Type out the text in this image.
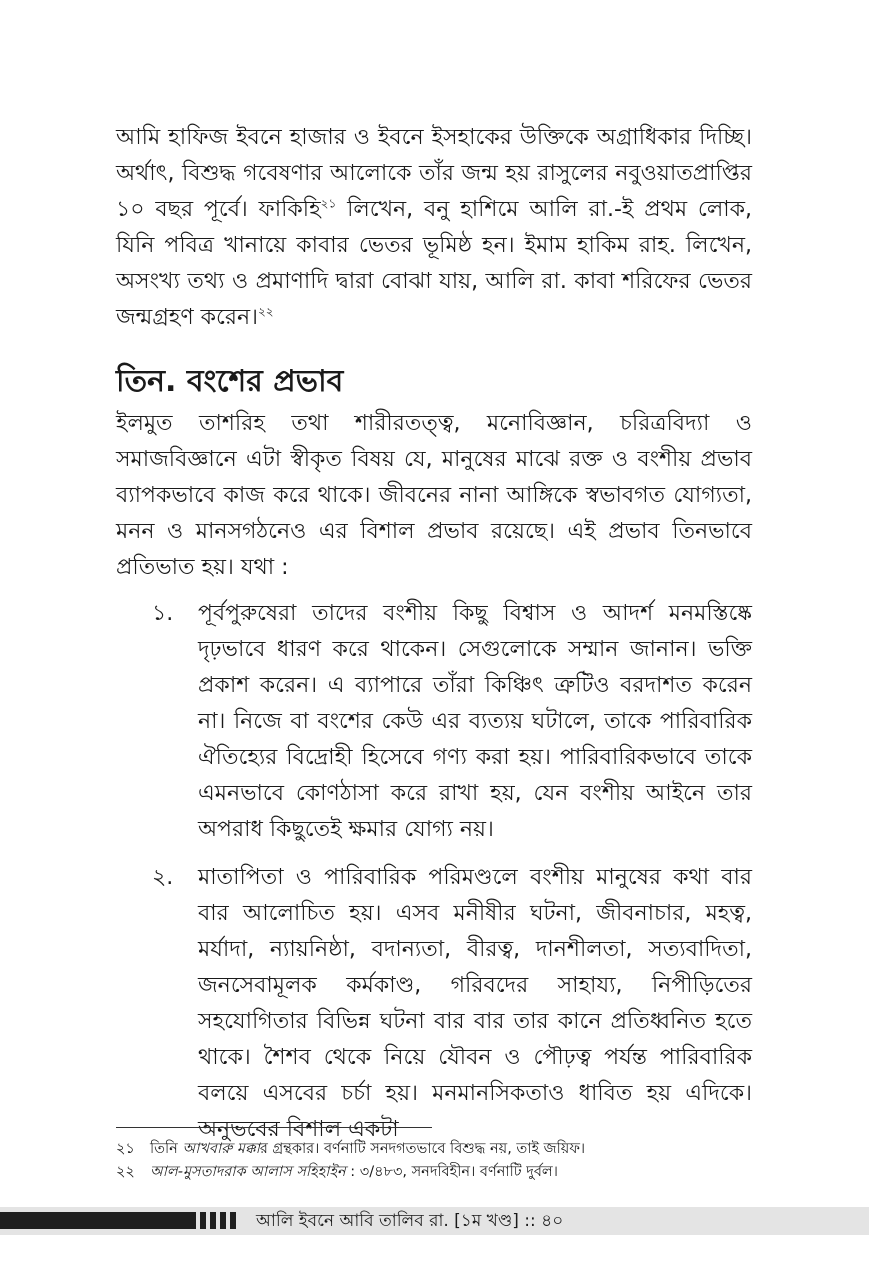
আমি হাফিজ ইবনে হাজার ও ইবনে ইসহাকের উক্তিকে অগ্রাধিকার দিচ্ছি। অর্থাৎ, বিশুদ্ধ গবেষণার আলোকে তাঁর জন্ম হয় রাসুলের নবুওয়াতপ্রাপ্তির ১০ বছর পূর্বে। ফাকিহি$^{২১}$ লিখেন, বনু হাশিমে আলি রা.-ই প্রথম লোক, যিনি পবিত্র খানায়ে কাবার ভেতর ভূমিষ্ঠ হন। ইমাম হাকিম রাহ. লিখেন, অসংখ্য তথ্য ও প্রমাণাদি দ্বারা বোঝা যায়, আলি রা. কাবা শরিফের ভেতর জন্মগ্রহণ করেন।$^{২২}$

তিন. বংশের প্রভাব

ইলমুত তাশরিহ তথা শারীরতত্ত্ব, মনোবিজ্ঞান, চরিত্রবিদ্যা ও সমাজবিজ্ঞানে এটা স্বীকৃত বিষয় যে, মানুষের মাঝে রক্ত ও বংশীয় প্রভাব ব্যাপকভাবে কাজ করে থাকে। জীবনের নানা আঙ্গিকে স্বভাবগত যোগ্যতা, মনন ও মানসগঠনেও এর বিশাল প্রভাব রয়েছে। এই প্রভাব তিনভাবে প্রতিভাত হয়। যথা :

১. পূর্বপুরুষেরা তাদের বংশীয় কিছু বিশ্বাস ও আদর্শ মনমস্তিষ্কে দৃঢ়ভাবে ধারণ করে থাকেন। সেগুলোকে সম্মান জানান। ভক্তি প্রকাশ করেন। এ ব্যাপারে তাঁরা কিঞ্চিৎ ত্রুটিও বরদাশত করেন না। নিজে বা বংশের কেউ এর ব্যত্যয় ঘটালে, তাকে পারিবারিক ঐতিহ্যের বিদ্রোহী হিসেবে গণ্য করা হয়। পারিবারিকভাবে তাকে এমনভাবে কোণঠাসা করে রাখা হয়, যেন বংশীয় আইনে তার অপরাধ কিছুতেই ক্ষমার যোগ্য নয়।

২. মাতাপিতা ও পারিবারিক পরিমণ্ডলে বংশীয় মানুষের কথা বার বার আলোচিত হয়। এসব মনীষীর ঘটনা, জীবনাচার, মহত্ব, মর্যাদা, ন্যায়নিষ্ঠা, বদান্যতা, বীরত্ব, দানশীলতা, সত্যবাদিতা, জনসেবামূলক কর্মকাণ্ড, গরিবদের সাহায্য, নিপীড়িতের সহযোগিতার বিভিন্ন ঘটনা বার বার তার কানে প্রতিধ্বনিত হতে থাকে। শৈশব থেকে নিয়ে যৌবন ও পৌঢ়ত্ব পর্যন্ত পারিবারিক বলয়ে এসবের চর্চা হয়। মনমানসিকতাও ধাবিত হয় এদিকে। অনুভবের বিশাল একটা

২১ তিনি আখবারু মক্কার গ্রন্থকার। বর্ণনাটি সনদগতভাবে বিশুদ্ধ নয়, তাই জয়িফ।
২২ আল-মুসতাদরাক আলাস সহিহাইন : ৩/৪৮৩, সনদবিহীন। বর্ণনাটি দুর্বল।
আলি ইবনে আবি তালিব রা. [১ম খণ্ড] :: ৪০
